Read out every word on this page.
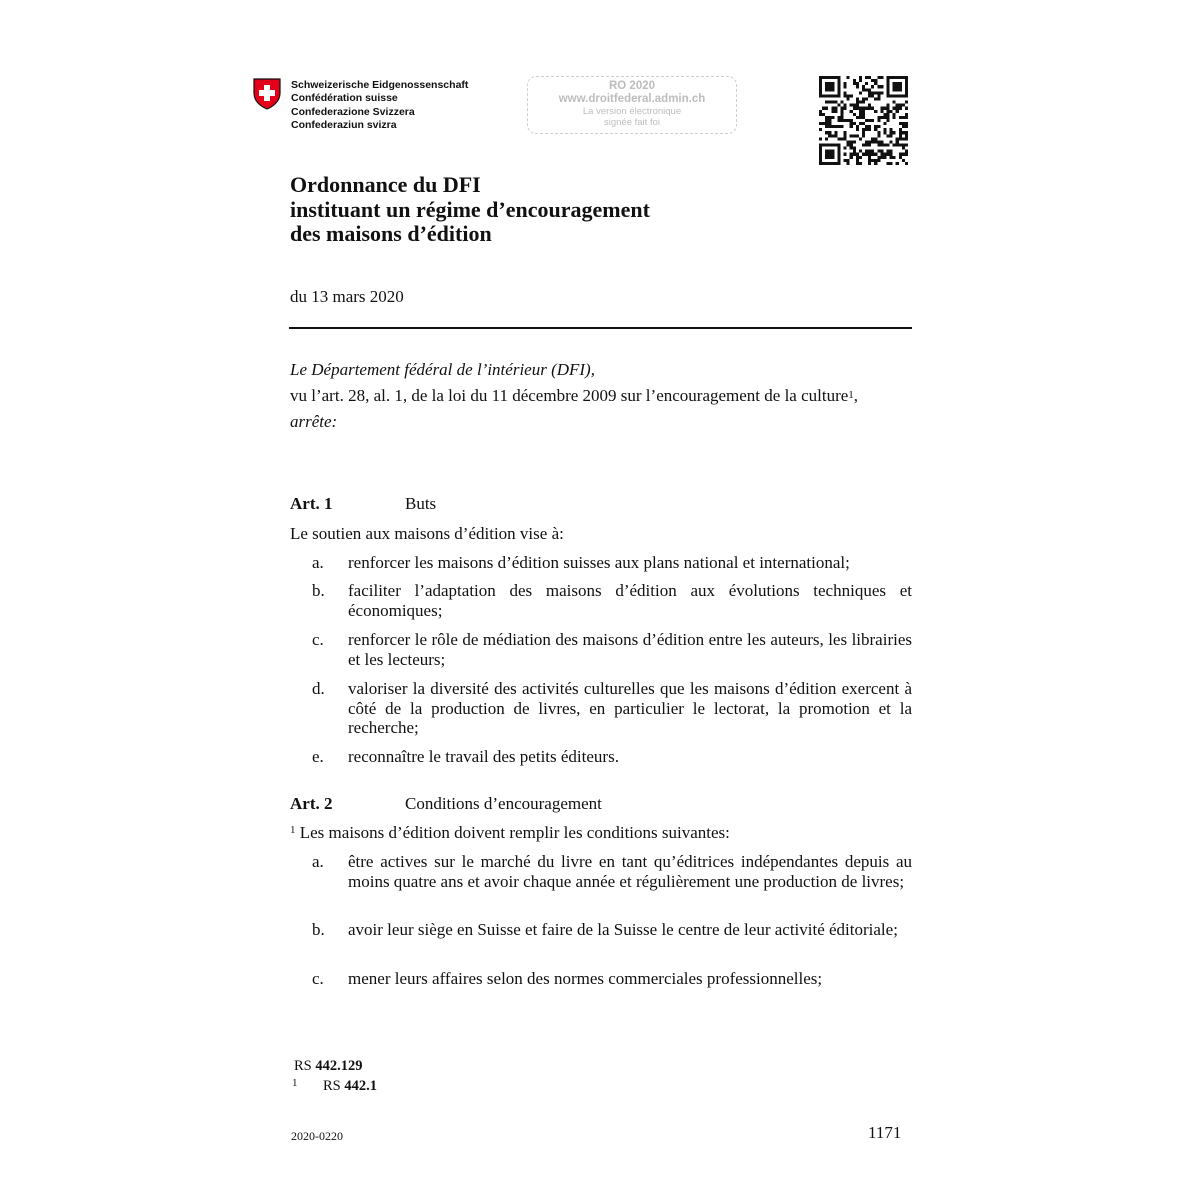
Schweizerische Eidgenossenschaft
Confédération suisse
Confederazione Svizzera
Confederaziun svizra
RO 2020
www.droitfederal.admin.ch
La version électronique
signée fait foi
Ordonnance du DFI
instituant un régime d’encouragement
des maisons d’édition
du 13 mars 2020
Le Département fédéral de l’intérieur (DFI),
vu l’art. 28, al. 1, de la loi du 11 décembre 2009 sur l’encouragement de la culture$^1$,
arrête:
Art. 1	Buts
Le soutien aux maisons d’édition vise à:
a. renforcer les maisons d’édition suisses aux plans national et international;
b. faciliter l’adaptation des maisons d’édition aux évolutions techniques et économiques;
c. renforcer le rôle de médiation des maisons d’édition entre les auteurs, les librairies et les lecteurs;
d. valoriser la diversité des activités culturelles que les maisons d’édition exercent à côté de la production de livres, en particulier le lectorat, la promotion et la recherche;
e. reconnaître le travail des petits éditeurs.
Art. 2	Conditions d’encouragement
$^1$ Les maisons d’édition doivent remplir les conditions suivantes:
a. être actives sur le marché du livre en tant qu’éditrices indépendantes depuis au moins quatre ans et avoir chaque année et régulièrement une production de livres;
b. avoir leur siège en Suisse et faire de la Suisse le centre de leur activité éditoriale;
c. mener leurs affaires selon des normes commerciales professionnelles;
RS 442.129
1 RS 442.1
2020-0220	1171
